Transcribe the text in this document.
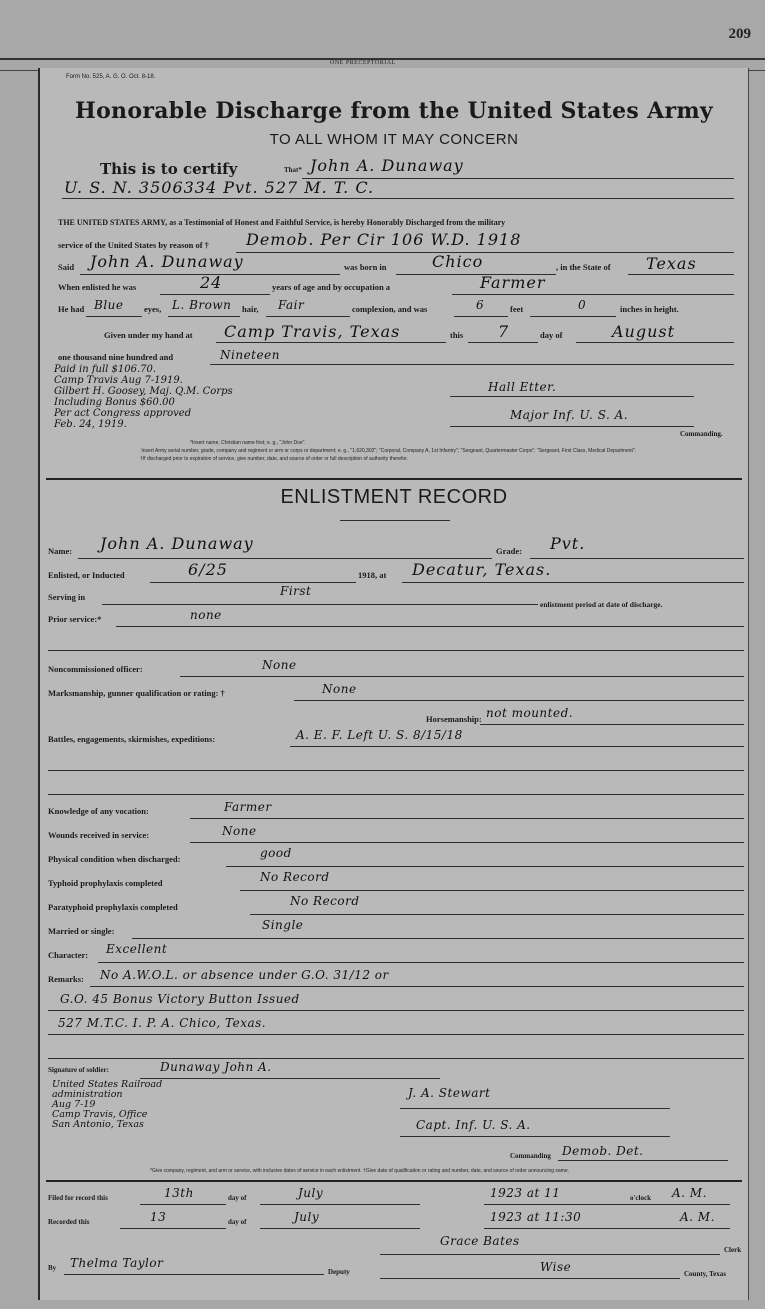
209
ONE PRECEPTORIAL
Form No. 525, A. G. O. Oct. 8-18.
Honorable Discharge from the United States Army
TO ALL WHOM IT MAY CONCERN
This is to certify	That* John A. Dunaway
U. S. N. 3506334 Pvt. 527 M. T. C.
THE UNITED STATES ARMY, as a Testimonial of Honest and Faithful Service, is hereby Honorably Discharged from the military
service of the United States by reason of † Demob. Per Cir 106 W.D. 1918
Said John A. Dunaway	was born in	Chico	, in the State of Texas
When enlisted he was	24	years of age and by occupation a	Farmer
He had Blue eyes, L. Brown hair, Fair	complexion, and was	6	feet	0	inches in height.
Given under my hand at Camp Travis, Texas	this 7	day of	August
one thousand nine hundred and	Nineteen
Paid in full $106.70.
Camp Travis Aug 7-1919.
Gilbert H. Goosey, Maj. Q.M. Corps
Including Bonus $60.00
Per act Congress approved
Feb. 24, 1919.
Hall Etter.
Major Inf. U. S. A.
Commanding.
*Insert name, Christian name first; e. g., "John Doe".
Insert Army serial number, grade, company and regiment or arm or corps or department; e. g., "1,620,302"; "Corporal, Company A, 1st Infantry"; "Sergeant, Quartermaster Corps"; "Sergeant, First Class, Medical Department".
†If discharged prior to expiration of service, give number, date, and source of order or full description of authority therefor.
ENLISTMENT RECORD
Name: John A. Dunaway	Grade: Pvt.
Enlisted, or Inducted	6/25	1918, at Decatur, Texas.
Serving in	First
enlistment period at date of discharge.
Prior service:*	none
Noncommissioned officer:	None
Marksmanship, gunner qualification or rating: †	None
Horsemanship: not mounted.
Battles, engagements, skirmishes, expeditions:	A. E. F. Left U. S. 8/15/18
Knowledge of any vocation:	Farmer
Wounds received in service:	None
Physical condition when discharged:	good
Typhoid prophylaxis completed	No Record
Paratyphoid prophylaxis completed	No Record
Married or single:	Single
Character: Excellent
Remarks: No A.W.O.L. or absence under G.O. 31/12 or
G.O. 45 Bonus Victory Button Issued
527 M.T.C. I. P. A. Chico, Texas.
Signature of soldier:	Dunaway John A.
United States Railroad
administration
Aug 7-19
Camp Travis, Office
San Antonio, Texas
J. A. Stewart
Capt. Inf. U. S. A.
Commanding Demob. Det.
*Give company, regiment, and arm or service, with inclusive dates of service in each enlistment. †Give date of qualification or rating and number, date, and source of order announcing same.
Filed for record this	13th	day of	July	1923 at 11	o'clock A. M.
Recorded this	13	day of	July	1923 at 11:30	A. M.
Grace Bates
Clerk
By Thelma Taylor
Deputy	Wise	County, Texas
